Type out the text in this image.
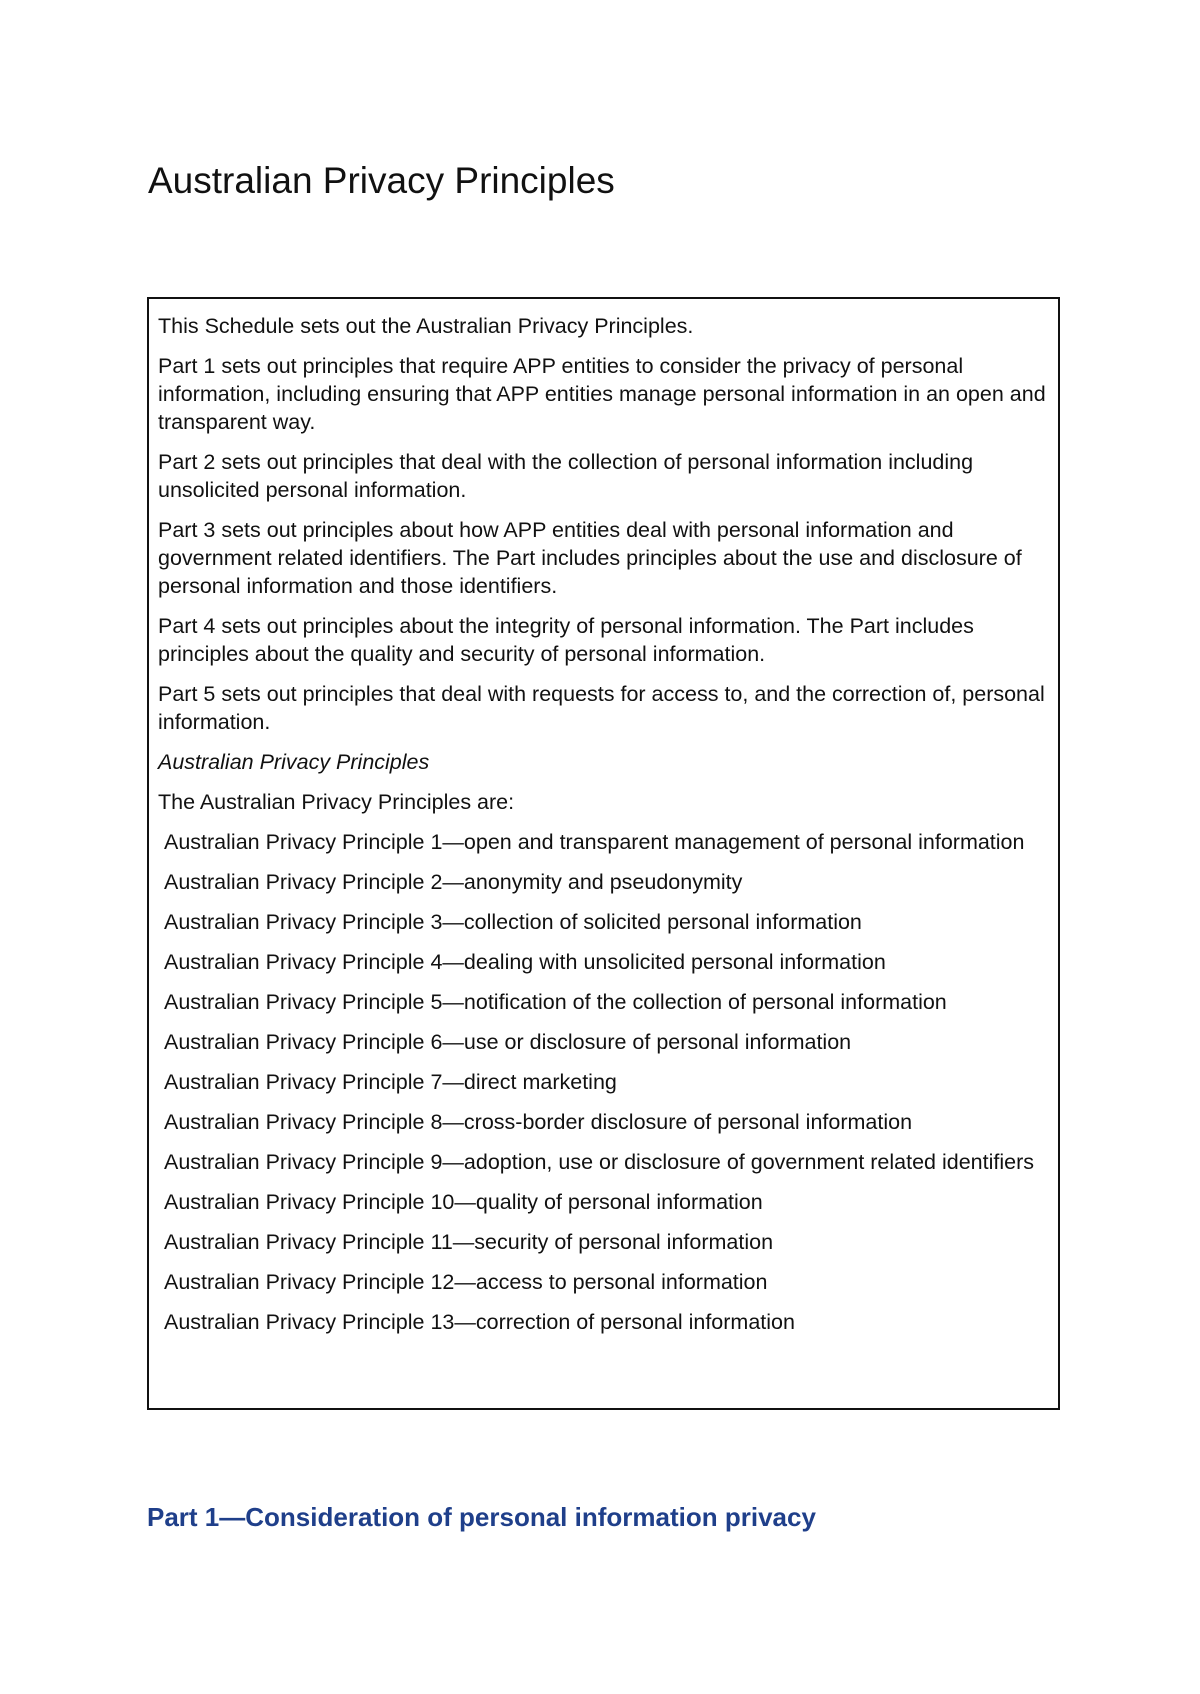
Australian Privacy Principles

This Schedule sets out the Australian Privacy Principles.

Part 1 sets out principles that require APP entities to consider the privacy of personal information, including ensuring that APP entities manage personal information in an open and transparent way.

Part 2 sets out principles that deal with the collection of personal information including unsolicited personal information.

Part 3 sets out principles about how APP entities deal with personal information and government related identifiers. The Part includes principles about the use and disclosure of personal information and those identifiers.

Part 4 sets out principles about the integrity of personal information. The Part includes principles about the quality and security of personal information.

Part 5 sets out principles that deal with requests for access to, and the correction of, personal information.

Australian Privacy Principles

The Australian Privacy Principles are:

Australian Privacy Principle 1—open and transparent management of personal information
Australian Privacy Principle 2—anonymity and pseudonymity
Australian Privacy Principle 3—collection of solicited personal information
Australian Privacy Principle 4—dealing with unsolicited personal information
Australian Privacy Principle 5—notification of the collection of personal information
Australian Privacy Principle 6—use or disclosure of personal information
Australian Privacy Principle 7—direct marketing
Australian Privacy Principle 8—cross-border disclosure of personal information
Australian Privacy Principle 9—adoption, use or disclosure of government related identifiers
Australian Privacy Principle 10—quality of personal information
Australian Privacy Principle 11—security of personal information
Australian Privacy Principle 12—access to personal information
Australian Privacy Principle 13—correction of personal information
Part 1—Consideration of personal information privacy
